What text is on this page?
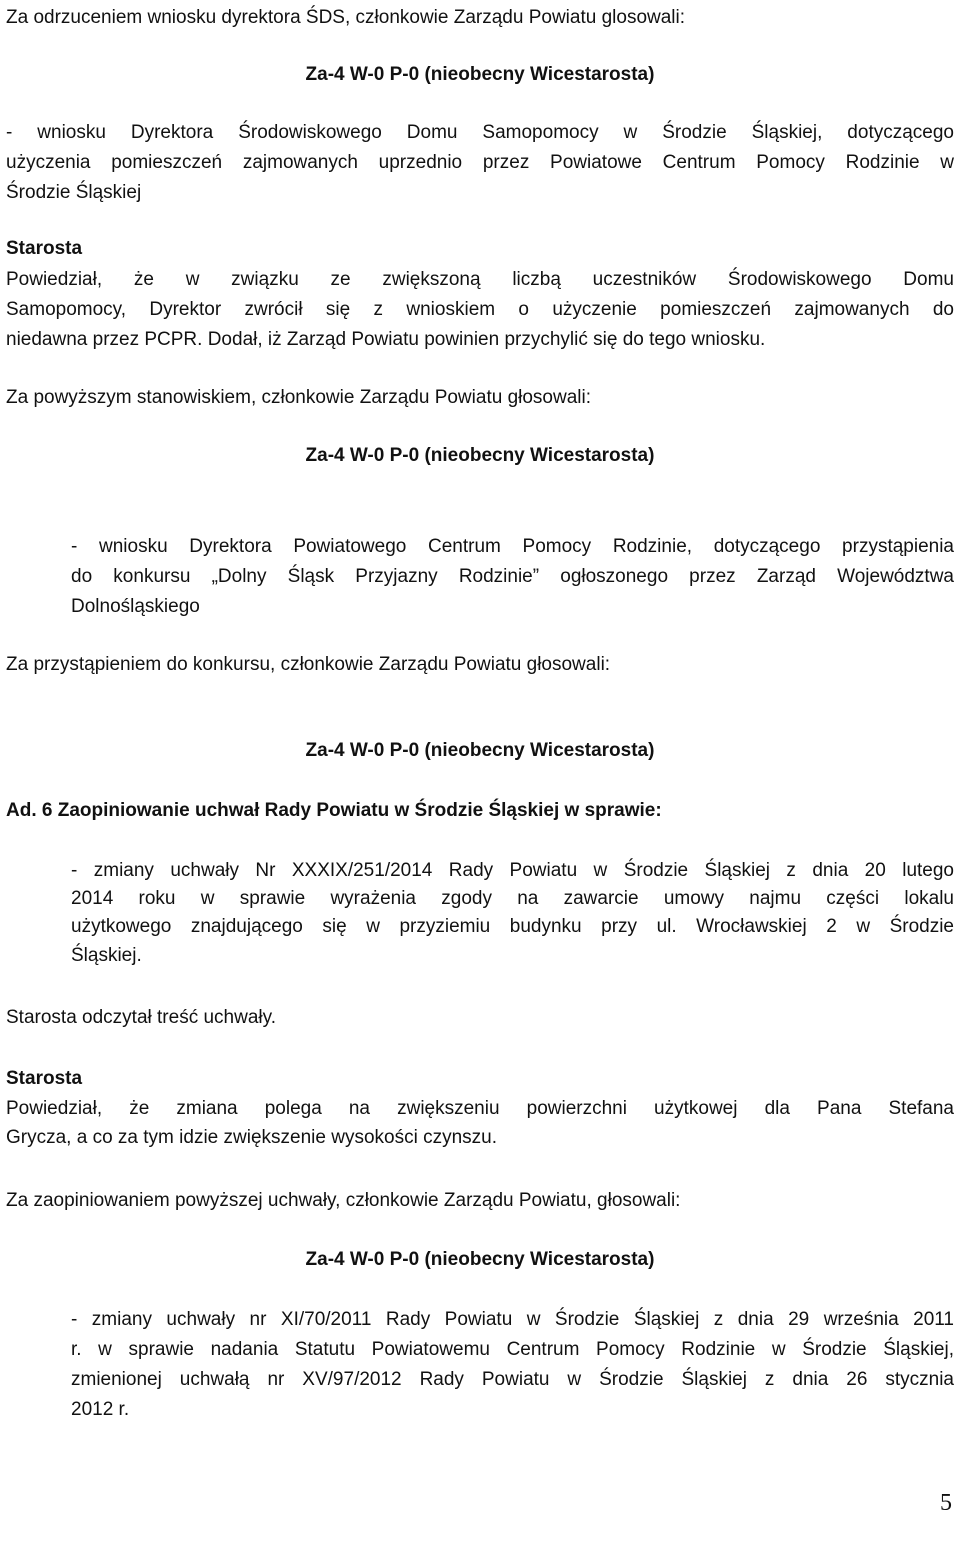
Za odrzuceniem wniosku dyrektora ŚDS, członkowie Zarządu Powiatu glosowali:
Za-4 W-0 P-0 (nieobecny Wicestarosta)
- wniosku Dyrektora Środowiskowego Domu Samopomocy w Środzie Śląskiej, dotyczącego
użyczenia pomieszczeń zajmowanych uprzednio przez Powiatowe Centrum Pomocy Rodzinie w
Środzie Śląskiej
Starosta
Powiedział, że w związku ze zwiększoną liczbą uczestników Środowiskowego Domu
Samopomocy, Dyrektor zwrócił się z wnioskiem o użyczenie pomieszczeń zajmowanych do
niedawna przez PCPR. Dodał, iż Zarząd Powiatu powinien przychylić się do tego wniosku.
Za powyższym stanowiskiem, członkowie Zarządu Powiatu głosowali:
Za-4 W-0 P-0 (nieobecny Wicestarosta)
- wniosku Dyrektora Powiatowego Centrum Pomocy Rodzinie, dotyczącego przystąpienia
do konkursu „Dolny Śląsk Przyjazny Rodzinie” ogłoszonego przez Zarząd Województwa
Dolnośląskiego
Za przystąpieniem do konkursu, członkowie Zarządu Powiatu głosowali:
Za-4 W-0 P-0 (nieobecny Wicestarosta)
Ad. 6 Zaopiniowanie uchwał Rady Powiatu w Środzie Śląskiej w sprawie:
- zmiany uchwały Nr XXXIX/251/2014 Rady Powiatu w Środzie Śląskiej z dnia 20 lutego
2014 roku w sprawie wyrażenia zgody na zawarcie umowy najmu części lokalu
użytkowego znajdującego się w przyziemiu budynku przy ul. Wrocławskiej 2 w Środzie
Śląskiej.
Starosta odczytał treść uchwały.
Starosta
Powiedział, że zmiana polega na zwiększeniu powierzchni użytkowej dla Pana Stefana
Grycza, a co za tym idzie zwiększenie wysokości czynszu.
Za zaopiniowaniem powyższej uchwały, członkowie Zarządu Powiatu, głosowali:
Za-4 W-0 P-0 (nieobecny Wicestarosta)
- zmiany uchwały nr XI/70/2011 Rady Powiatu w Środzie Śląskiej z dnia 29 września 2011
r. w sprawie nadania Statutu Powiatowemu Centrum Pomocy Rodzinie w Środzie Śląskiej,
zmienionej uchwałą nr XV/97/2012 Rady Powiatu w Środzie Śląskiej z dnia 26 stycznia
2012 r.
5
